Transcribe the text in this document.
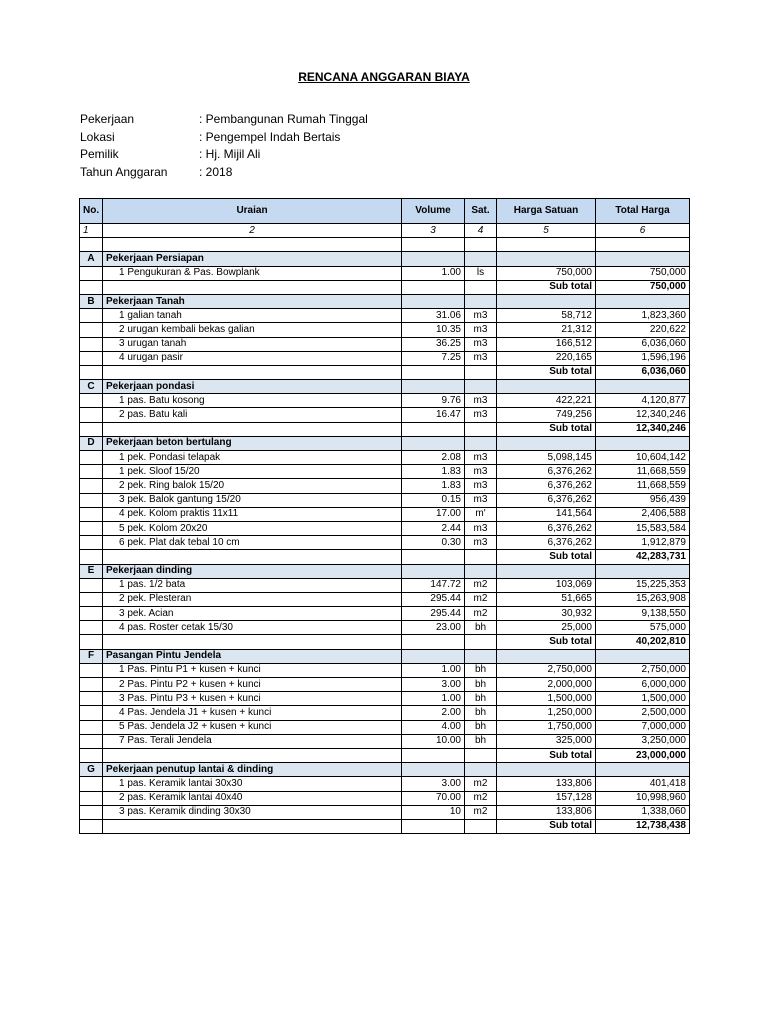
RENCANA ANGGARAN BIAYA
Pekerjaan	: Pembangunan Rumah Tinggal
Lokasi	: Pengempel Indah Bertais
Pemilik	: Hj. Mijil Ali
Tahun Anggaran	: 2018
No.	Uraian	Volume	Sat.	Harga Satuan	Total Harga
1	2	3	4	5	6

A	Pekerjaan Persiapan				
	1 Pengukuran & Pas. Bowplank	1.00	ls	750,000	750,000
				Sub total	750,000
B	Pekerjaan Tanah				
	1 galian tanah	31.06	m3	58,712	1,823,360
	2 urugan kembali bekas galian	10.35	m3	21,312	220,622
	3 urugan tanah	36.25	m3	166,512	6,036,060
	4 urugan pasir	7.25	m3	220,165	1,596,196
				Sub total	6,036,060
C	Pekerjaan pondasi				
	1 pas. Batu kosong	9.76	m3	422,221	4,120,877
	2 pas. Batu kali	16.47	m3	749,256	12,340,246
				Sub total	12,340,246
D	Pekerjaan beton bertulang				
	1 pek. Pondasi telapak	2.08	m3	5,098,145	10,604,142
	1 pek. Sloof 15/20	1.83	m3	6,376,262	11,668,559
	2 pek. Ring balok 15/20	1.83	m3	6,376,262	11,668,559
	3 pek. Balok gantung 15/20	0.15	m3	6,376,262	956,439
	4 pek. Kolom praktis 11x11	17.00	m'	141,564	2,406,588
	5 pek. Kolom 20x20	2.44	m3	6,376,262	15,583,584
	6 pek. Plat dak tebal 10 cm	0.30	m3	6,376,262	1,912,879
				Sub total	42,283,731
E	Pekerjaan dinding				
	1 pas. 1/2 bata	147.72	m2	103,069	15,225,353
	2 pek. Plesteran	295.44	m2	51,665	15,263,908
	3 pek. Acian	295.44	m2	30,932	9,138,550
	4 pas. Roster cetak 15/30	23.00	bh	25,000	575,000
				Sub total	40,202,810
F	Pasangan Pintu Jendela				
	1 Pas. Pintu P1 + kusen + kunci	1.00	bh	2,750,000	2,750,000
	2 Pas. Pintu P2 + kusen + kunci	3.00	bh	2,000,000	6,000,000
	3 Pas. Pintu P3 + kusen + kunci	1.00	bh	1,500,000	1,500,000
	4 Pas. Jendela J1 + kusen + kunci	2.00	bh	1,250,000	2,500,000
	5 Pas. Jendela J2 + kusen + kunci	4.00	bh	1,750,000	7,000,000
	7 Pas. Terali Jendela	10.00	bh	325,000	3,250,000
				Sub total	23,000,000
G	Pekerjaan penutup lantai & dinding				
	1 pas. Keramik lantai 30x30	3.00	m2	133,806	401,418
	2 pas. Keramik lantai 40x40	70.00	m2	157,128	10,998,960
	3 pas. Keramik dinding 30x30	10	m2	133,806	1,338,060
				Sub total	12,738,438
